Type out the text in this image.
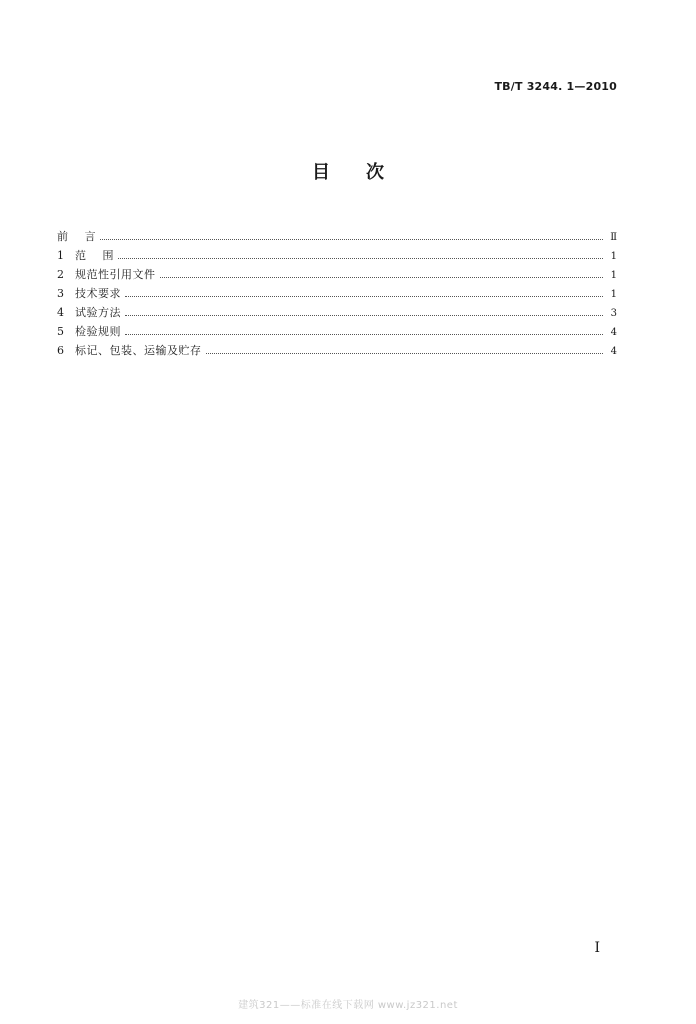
TB/T 3244. 1—2010
目 次
前    言	Ⅱ
1	范    围	1
2	规范性引用文件	1
3	技术要求	1
4	试验方法	3
5	检验规则	4
6	标记、包装、运输及贮存	4
I
建筑321——标准在线下载网 www.jz321.net
